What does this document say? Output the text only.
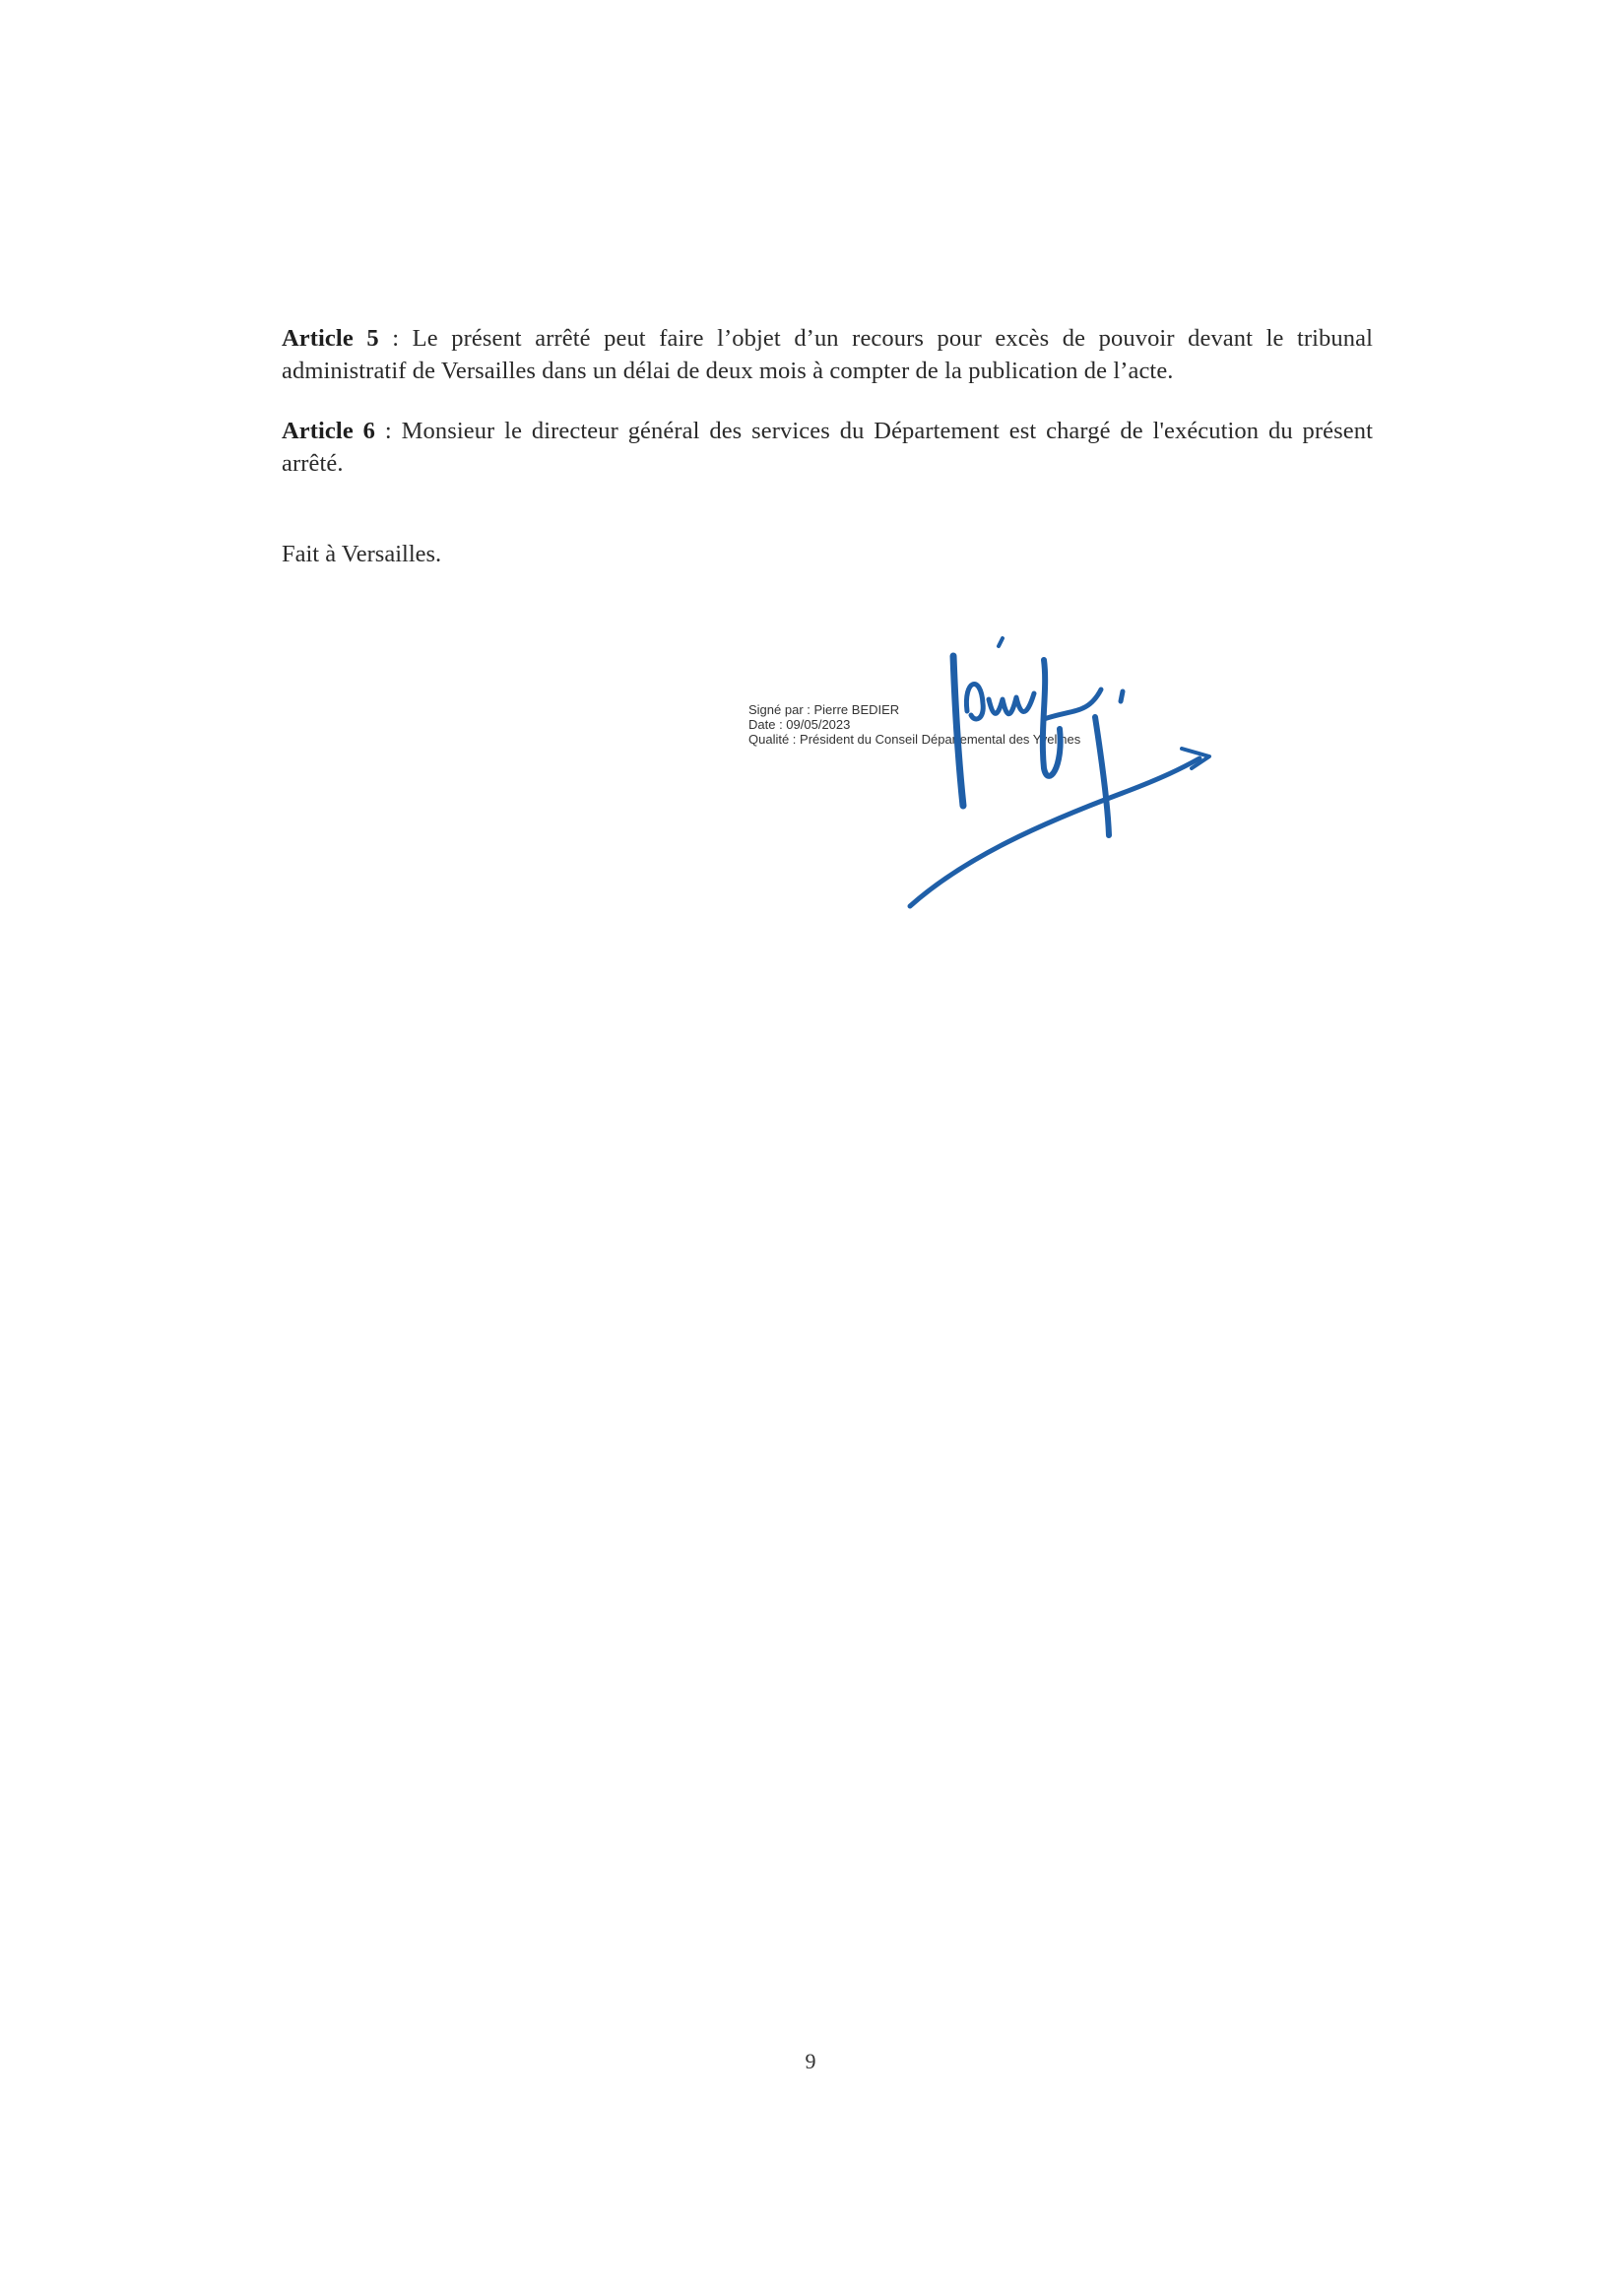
Article 5 : Le présent arrêté peut faire l’objet d’un recours pour excès de pouvoir devant le tribunal administratif de Versailles dans un délai de deux mois à compter de la publication de l’acte.

Article 6 : Monsieur le directeur général des services du Département est chargé de l'exécution du présent arrêté.

Fait à Versailles.
Signé par : Pierre BEDIER
Date : 09/05/2023
Qualité : Président du Conseil Départemental des Yvelines
9
